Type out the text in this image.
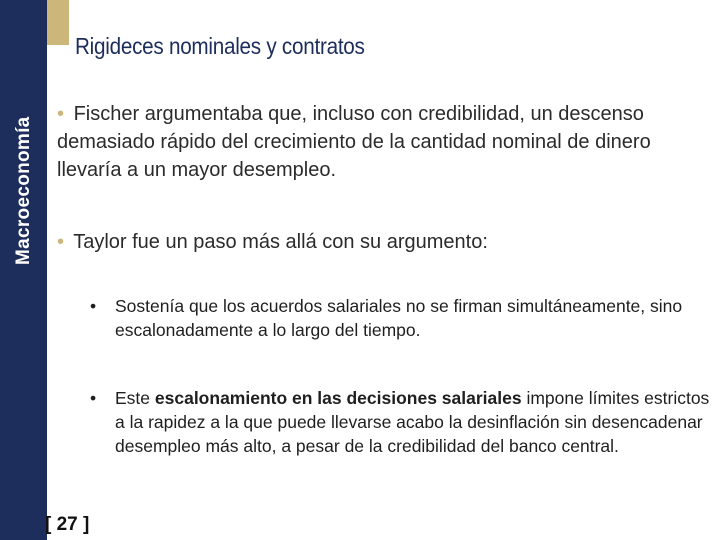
Macroeconomía
Rigideces nominales y contratos
• Fischer argumentaba que, incluso con credibilidad, un descenso demasiado rápido del crecimiento de la cantidad nominal de dinero llevaría a un mayor desempleo.
• Taylor fue un paso más allá con su argumento:
•	Sostenía que los acuerdos salariales no se firman simultáneamente, sino escalonadamente a lo largo del tiempo.
•	Este escalonamiento en las decisiones salariales impone límites estrictos a la rapidez a la que puede llevarse acabo la desinflación sin desencadenar desempleo más alto, a pesar de la credibilidad del banco central.
[ 27 ]
